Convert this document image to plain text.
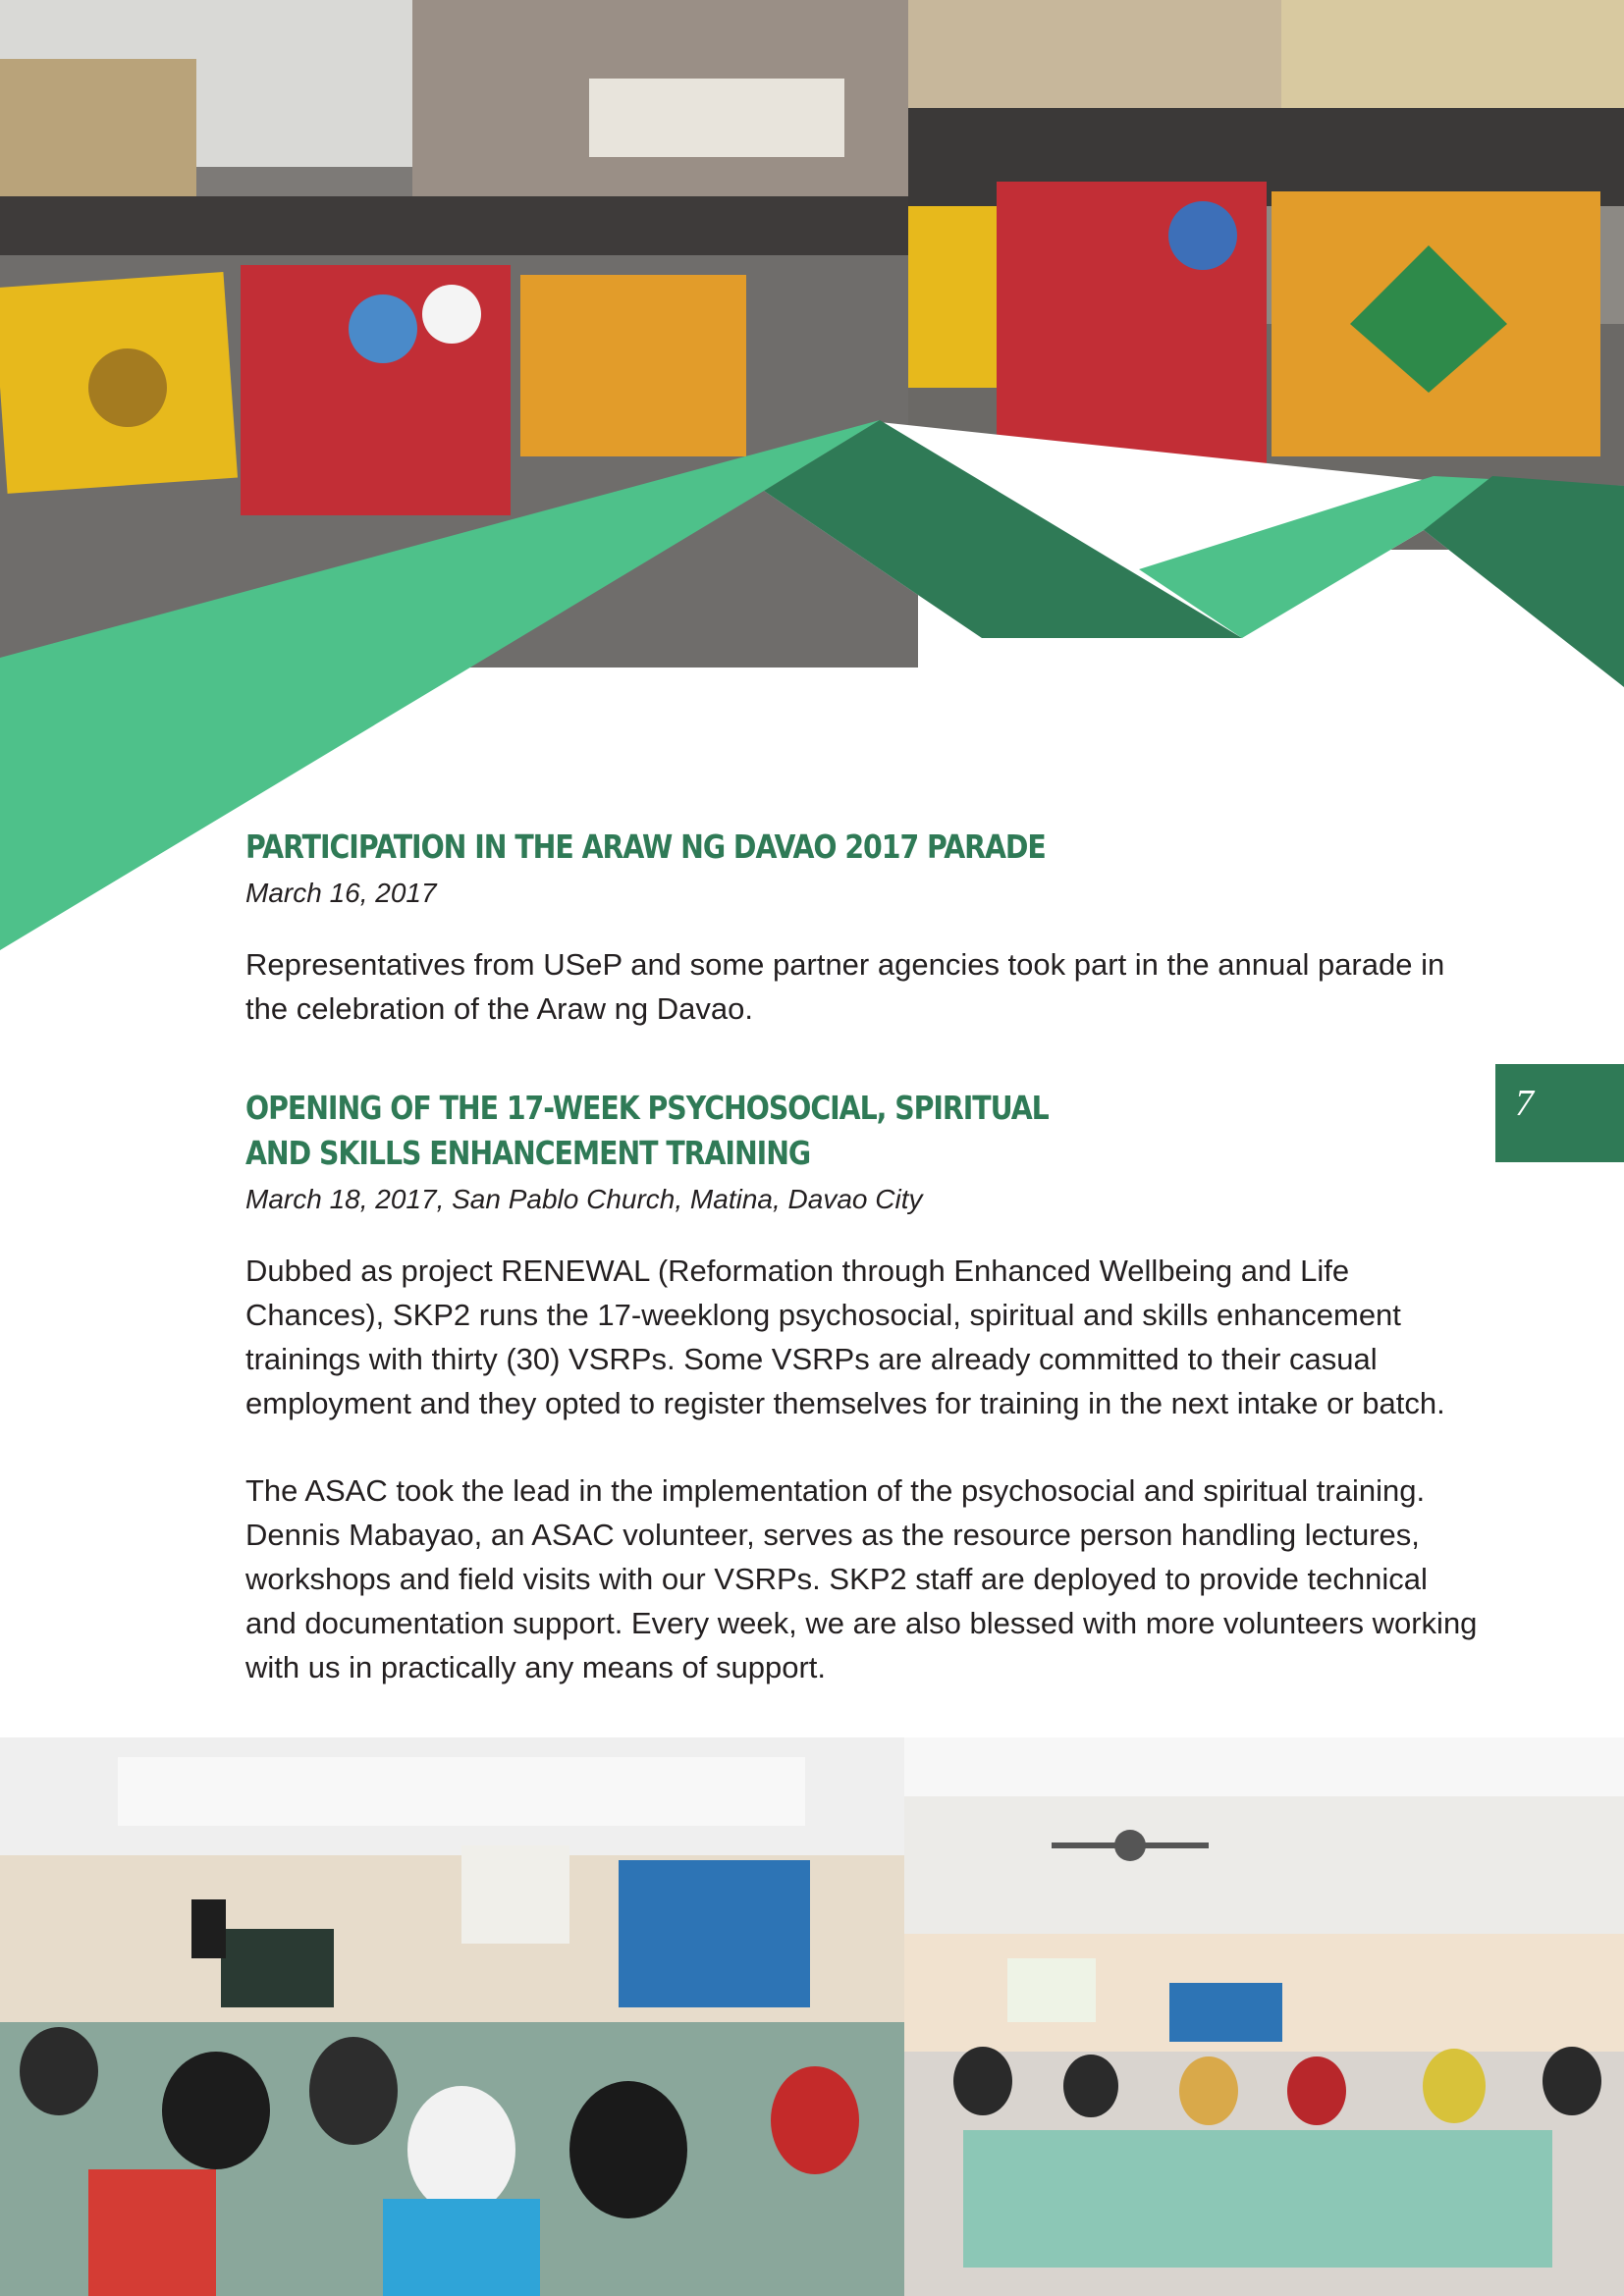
PARTICIPATION IN THE ARAW NG DAVAO 2017 PARADE

March 16, 2017

Representatives from USeP and some partner agencies took part in the annual parade in the celebration of the Araw ng Davao.

OPENING OF THE 17-WEEK PSYCHOSOCIAL, SPIRITUAL
AND SKILLS ENHANCEMENT TRAINING

March 18, 2017, San Pablo Church, Matina, Davao City

Dubbed as project RENEWAL (Reformation through Enhanced Wellbeing and Life Chances), SKP2 runs the 17-weeklong psychosocial, spiritual and skills enhancement trainings with thirty (30) VSRPs. Some VSRPs are already committed to their casual employment and they opted to register themselves for training in the next intake or batch.

The ASAC took the lead in the implementation of the psychosocial and spiritual training. Dennis Mabayao, an ASAC volunteer, serves as the resource person handling lectures, workshops and field visits with our VSRPs. SKP2 staff are deployed to provide technical and documentation support. Every week, we are also blessed with more volunteers working with us in practically any means of support.

7
